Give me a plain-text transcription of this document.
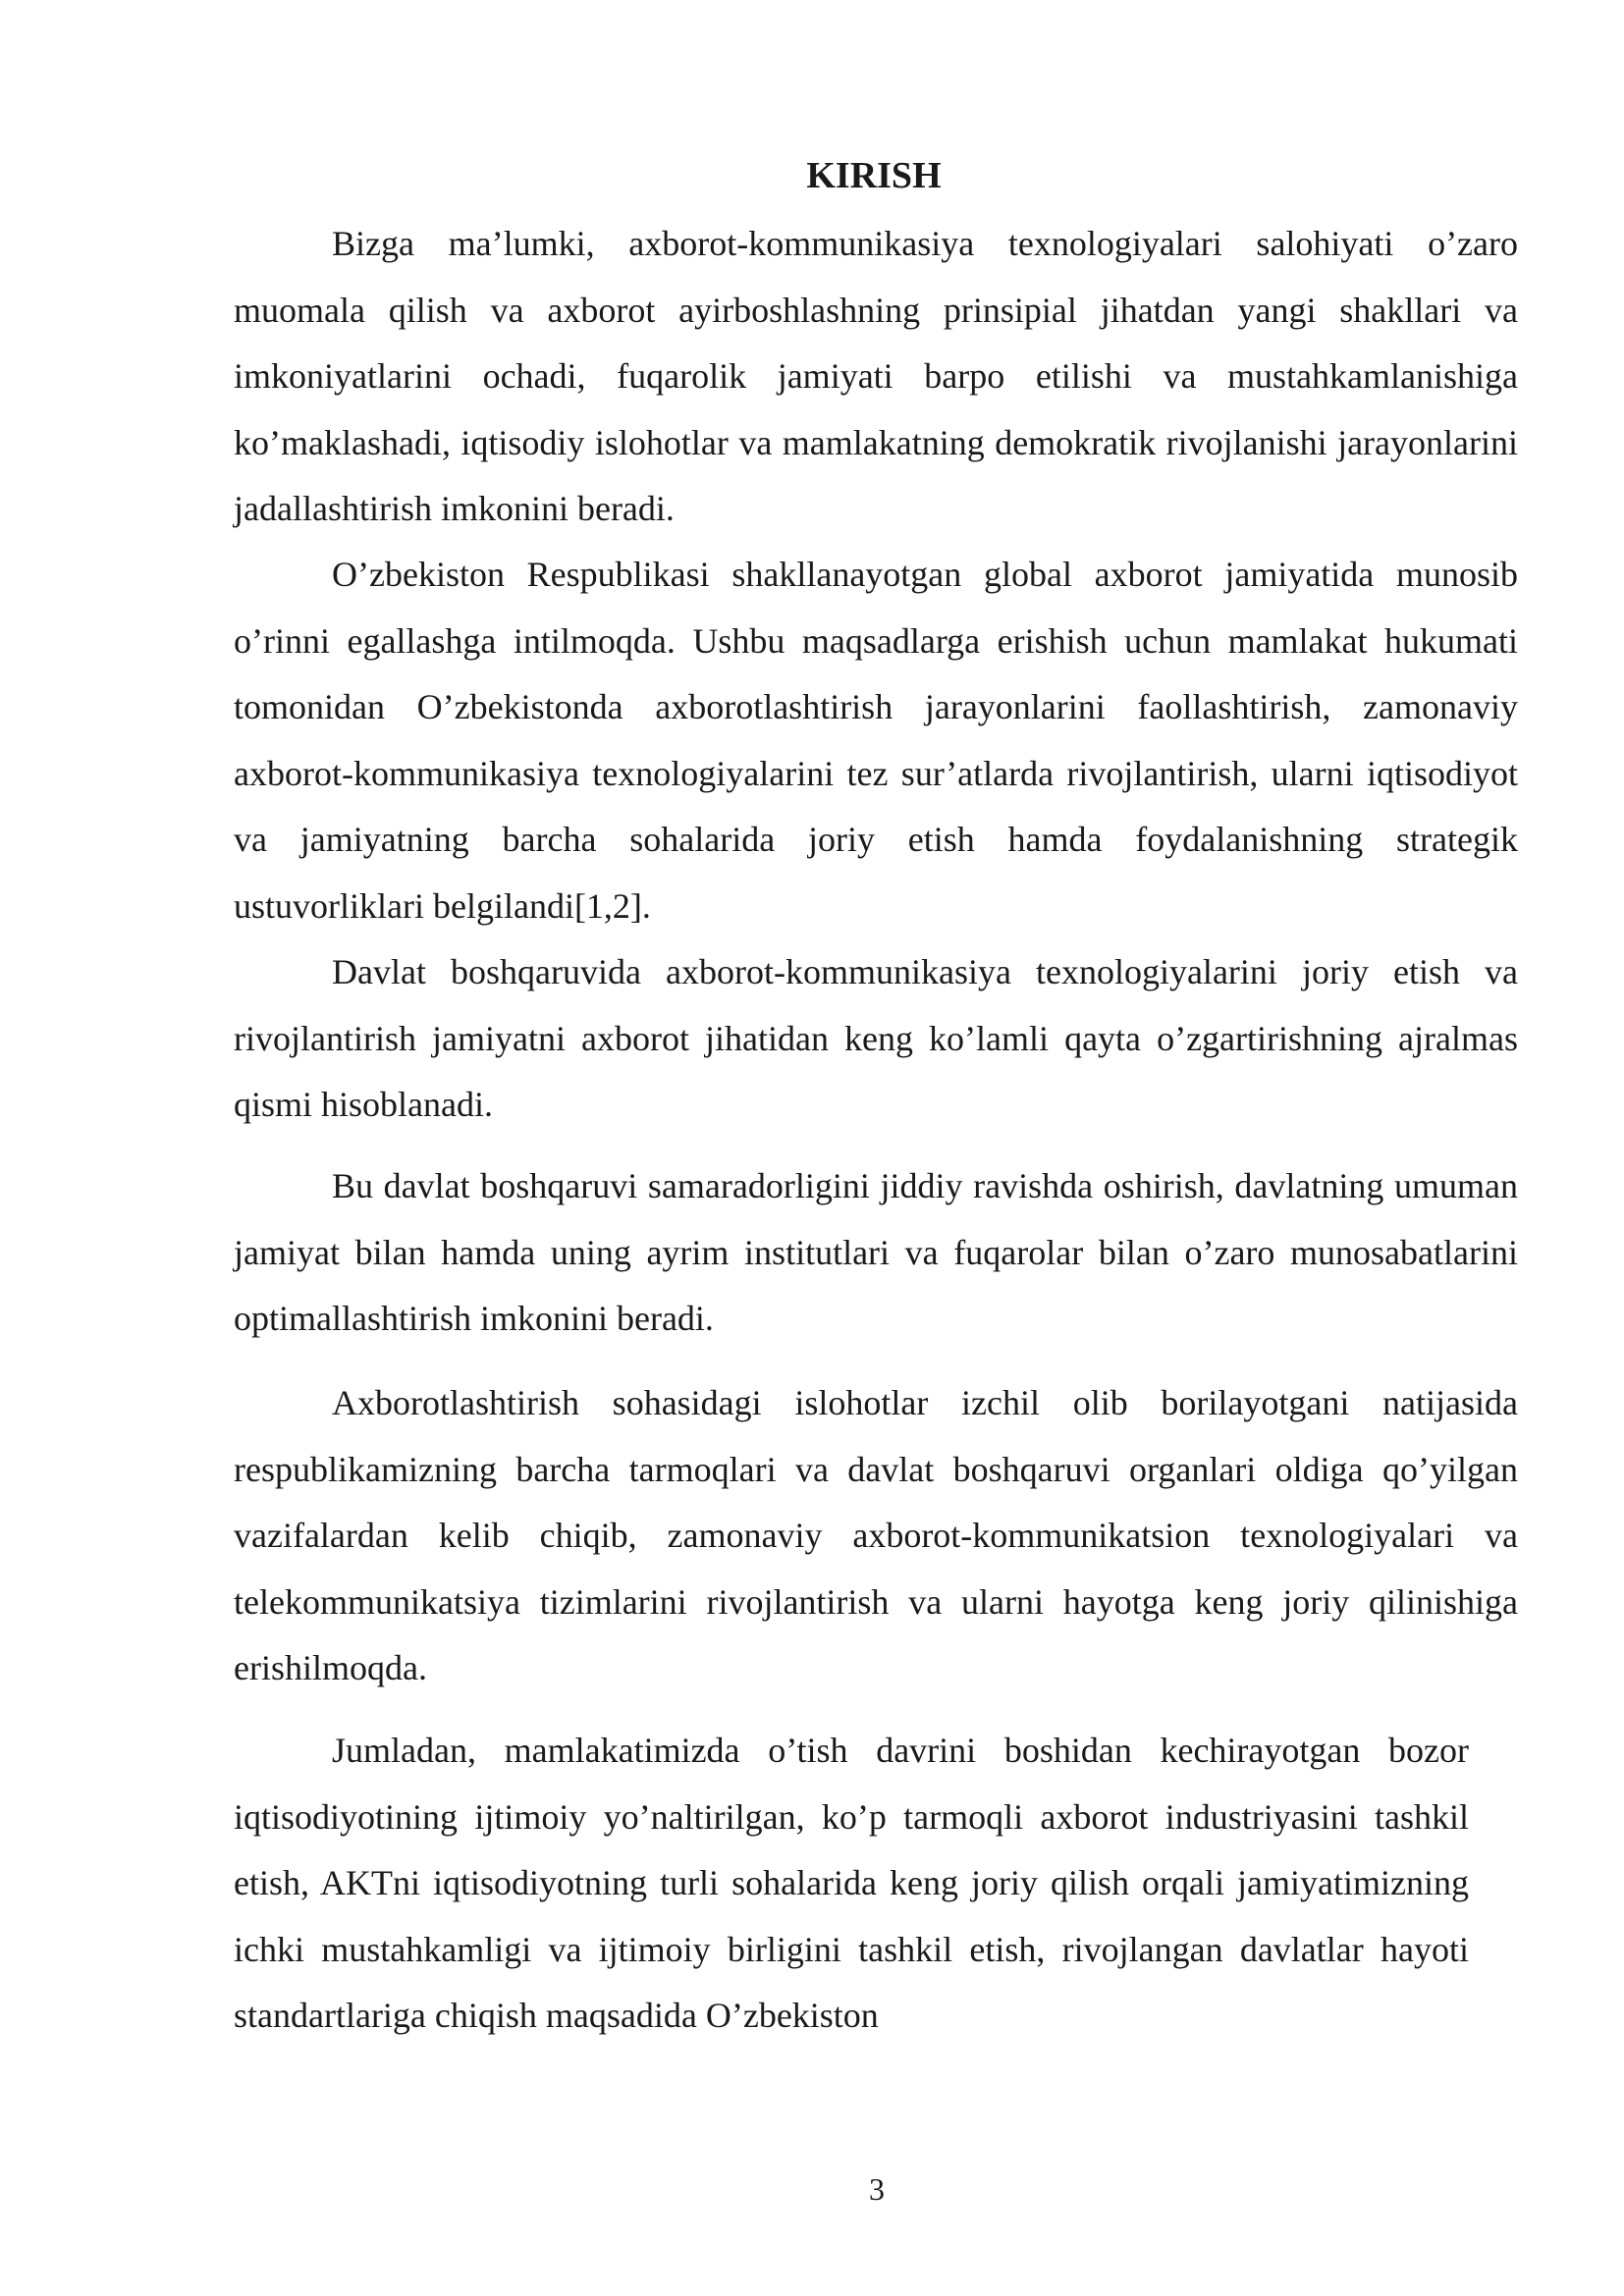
KIRISH

Bizga ma’lumki, axborot-kommunikasiya texnologiyalari salohiyati o’zaro muomala qilish va axborot ayirboshlashning prinsipial jihatdan yangi shakllari va imkoniyatlarini ochadi, fuqarolik jamiyati barpo etilishi va mustahkamlanishiga ko’maklashadi, iqtisodiy islohotlar va mamlakatning demokratik rivojlanishi jarayonlarini jadallashtirish imkonini beradi.

O’zbekiston Respublikasi shakllanayotgan global axborot jamiyatida munosib o’rinni egallashga intilmoqda. Ushbu maqsadlarga erishish uchun mamlakat hukumati tomonidan O’zbekistonda axborotlashtirish jarayonlarini faollashtirish, zamonaviy axborot-kommunikasiya texnologiyalarini tez sur’atlarda rivojlantirish, ularni iqtisodiyot va jamiyatning barcha sohalarida joriy etish hamda foydalanishning strategik ustuvorliklari belgilandi[1,2].

Davlat boshqaruvida axborot-kommunikasiya texnologiyalarini joriy etish va rivojlantirish jamiyatni axborot jihatidan keng ko’lamli qayta o’zgartirishning ajralmas qismi hisoblanadi.

Bu davlat boshqaruvi samaradorligini jiddiy ravishda oshirish, davlatning umuman jamiyat bilan hamda uning ayrim institutlari va fuqarolar bilan o’zaro munosabatlarini optimallashtirish imkonini beradi.

Axborotlashtirish sohasidagi islohotlar izchil olib borilayotgani natijasida respublikamizning barcha tarmoqlari va davlat boshqaruvi organlari oldiga qo’yilgan vazifalardan kelib chiqib, zamonaviy axborot-kommunikatsion texnologiyalari va telekommunikatsiya tizimlarini rivojlantirish va ularni hayotga keng joriy qilinishiga erishilmoqda.

Jumladan, mamlakatimizda o’tish davrini boshidan kechirayotgan bozor iqtisodiyotining ijtimoiy yo’naltirilgan, ko’p tarmoqli axborot industriyasini tashkil etish, AKTni iqtisodiyotning turli sohalarida keng joriy qilish orqali jamiyatimizning ichki mustahkamligi va ijtimoiy birligini tashkil etish, rivojlangan davlatlar hayoti standartlariga chiqish maqsadida O’zbekiston

3
